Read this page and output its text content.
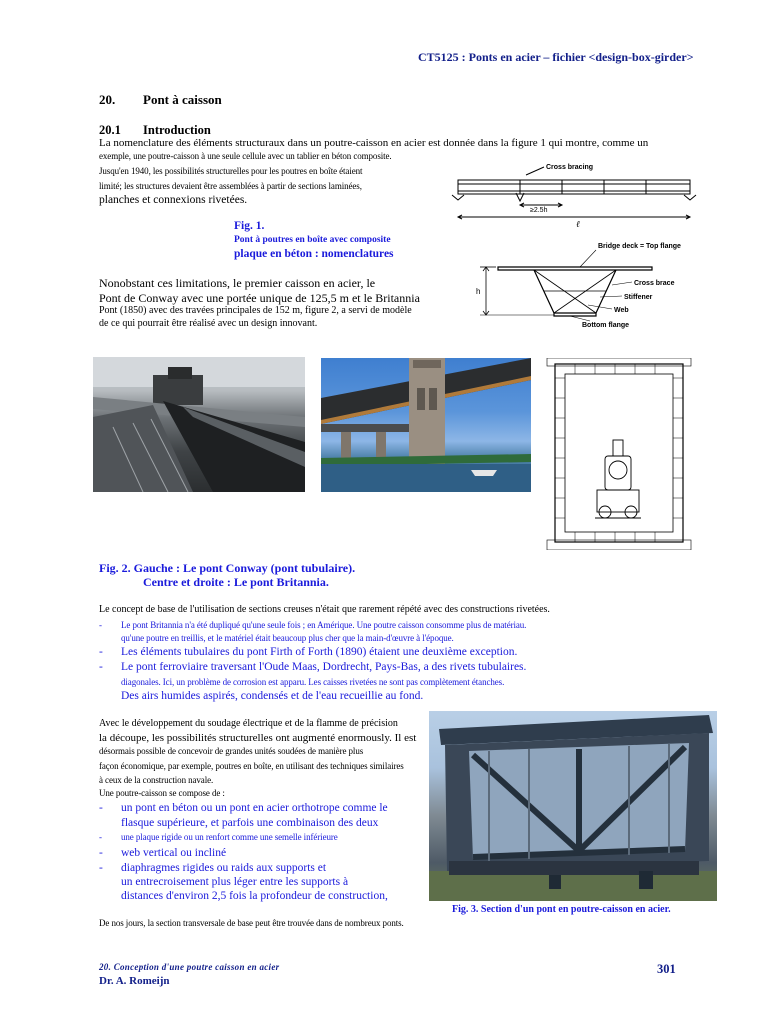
CT5125 : Ponts en acier – fichier <design-box-girder>
20. Pont à caisson
20.1 Introduction
La nomenclature des éléments structuraux dans un poutre-caisson en acier est donnée dans la figure 1 qui montre, comme un
exemple, une poutre-caisson à une seule cellule avec un tablier en béton composite.
Jusqu'en 1940, les possibilités structurelles pour les poutres en boîte étaient
limité; les structures devaient être assemblées à partir de sections laminées,
planches et connexions rivetées.
Fig. 1.
Pont à poutres en boîte avec composite
plaque en béton : nomenclatures
Cross bracing
≥2.5h
ℓ
Bridge deck = Top flange
h
Cross brace
Stiffener
Web
Bottom flange
Nonobstant ces limitations, le premier caisson en acier, le
Pont de Conway avec une portée unique de 125,5 m et le Britannia
Pont (1850) avec des travées principales de 152 m, figure 2, a servi de modèle
de ce qui pourrait être réalisé avec un design innovant.
Fig. 2. Gauche : Le pont Conway (pont tubulaire).
Centre et droite : Le pont Britannia.
Le concept de base de l'utilisation de sections creuses n'était que rarement répété avec des constructions rivetées.
- Le pont Britannia n'a été dupliqué qu'une seule fois ; en Amérique. Une poutre caisson consomme plus de matériau.
qu'une poutre en treillis, et le matériel était beaucoup plus cher que la main-d'œuvre à l'époque.
- Les éléments tubulaires du pont Firth of Forth (1890) étaient une deuxième exception.
- Le pont ferroviaire traversant l'Oude Maas, Dordrecht, Pays-Bas, a des rivets tubulaires.
diagonales. Ici, un problème de corrosion est apparu. Les caisses rivetées ne sont pas complètement étanches.
Des airs humides aspirés, condensés et de l'eau recueillie au fond.
Avec le développement du soudage électrique et de la flamme de précision
la découpe, les possibilités structurelles ont augmenté enormously. Il est
désormais possible de concevoir de grandes unités soudées de manière plus
façon économique, par exemple, poutres en boîte, en utilisant des techniques similaires
à ceux de la construction navale.
Une poutre-caisson se compose de :
- un pont en béton ou un pont en acier orthotrope comme le
flasque supérieure, et parfois une combinaison des deux
- une plaque rigide ou un renfort comme une semelle inférieure
- web vertical ou incliné
- diaphragmes rigides ou raids aux supports et
un entrecroisement plus léger entre les supports à
distances d'environ 2,5 fois la profondeur de construction,
Fig. 3. Section d'un pont en poutre-caisson en acier.
De nos jours, la section transversale de base peut être trouvée dans de nombreux ponts.
20. Conception d'une poutre caisson en acier
Dr. A. Romeijn
301
